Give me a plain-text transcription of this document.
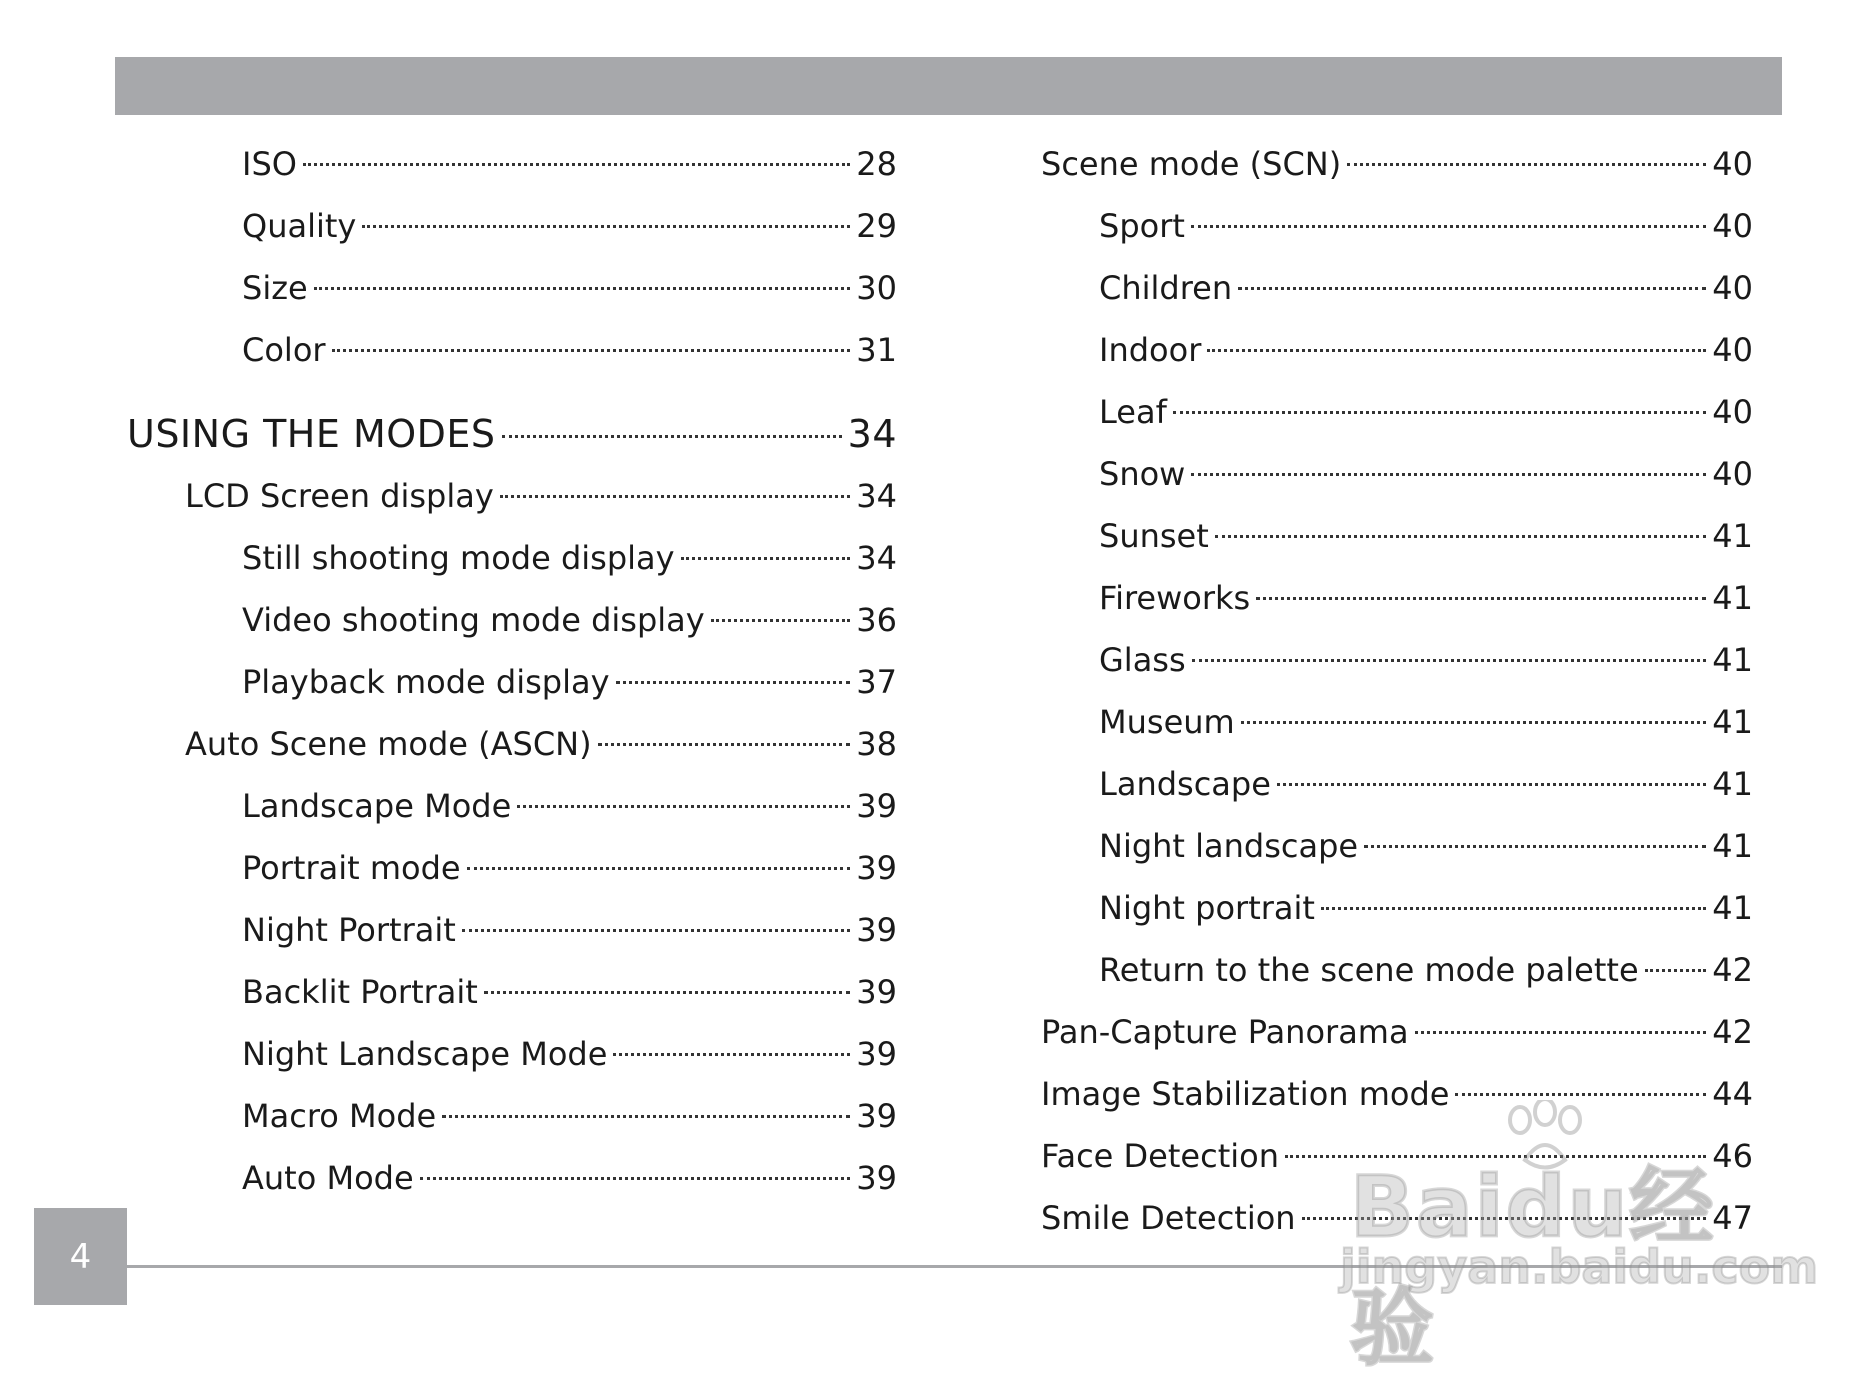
ISO	28
Quality	29
Size	30
Color	31
USING THE MODES	34
LCD Screen display	34
Still shooting mode display	34
Video shooting mode display	36
Playback mode display	37
Auto Scene mode (ASCN)	38
Landscape Mode	39
Portrait mode	39
Night Portrait	39
Backlit Portrait	39
Night Landscape Mode	39
Macro Mode	39
Auto Mode	39
Scene mode (SCN)	40
Sport	40
Children	40
Indoor	40
Leaf	40
Snow	40
Sunset	41
Fireworks	41
Glass	41
Museum	41
Landscape	41
Night landscape	41
Night portrait	41
Return to the scene mode palette 42
Pan-Capture Panorama	42
Image Stabilization mode	44
Face Detection	46
Smile Detection	47
4
Baidu经验
jingyan.baidu.com
